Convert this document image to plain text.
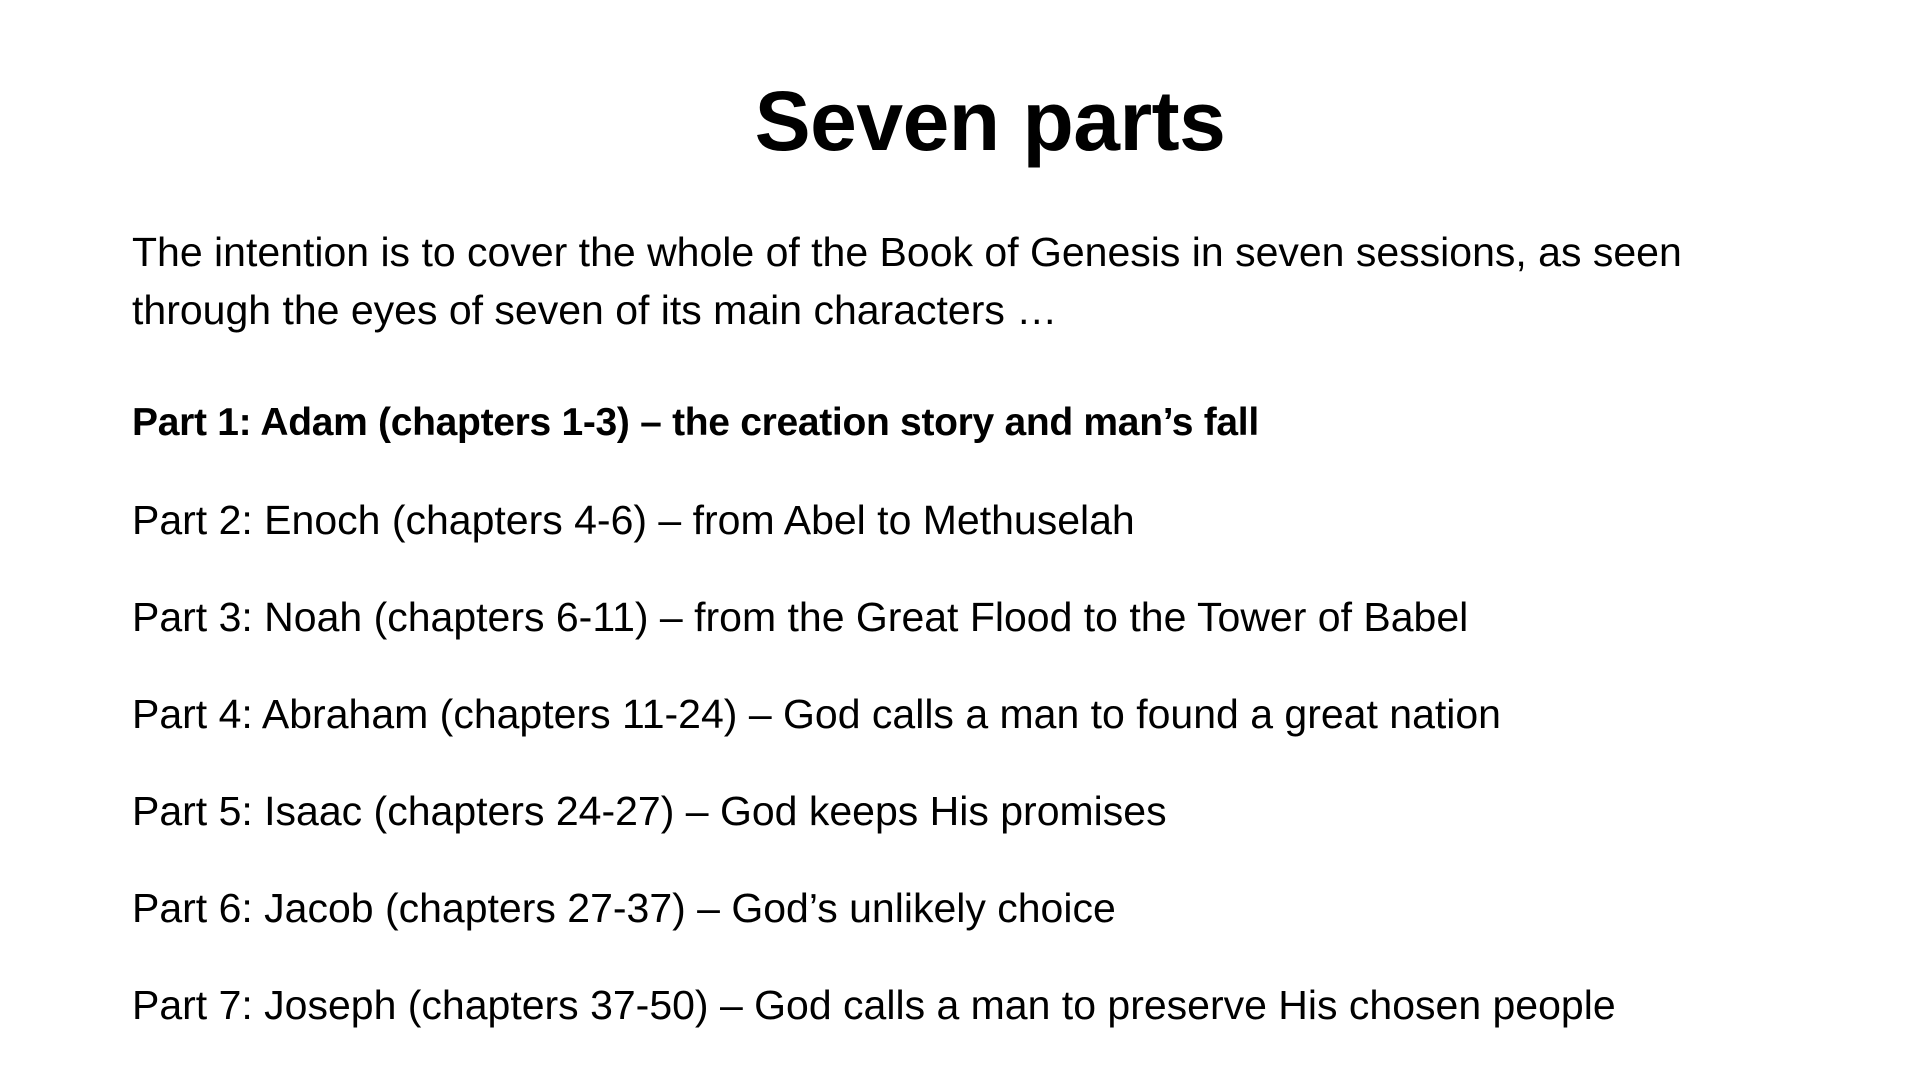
Seven parts

The intention is to cover the whole of the Book of Genesis in seven sessions, as seen through the eyes of seven of its main characters …

Part 1: Adam (chapters 1-3) – the creation story and man’s fall
Part 2: Enoch (chapters 4-6) – from Abel to Methuselah
Part 3: Noah (chapters 6-11) – from the Great Flood to the Tower of Babel
Part 4: Abraham (chapters 11-24) – God calls a man to found a great nation
Part 5: Isaac (chapters 24-27) – God keeps His promises
Part 6: Jacob (chapters 27-37) – God’s unlikely choice
Part 7: Joseph (chapters 37-50) – God calls a man to preserve His chosen people
